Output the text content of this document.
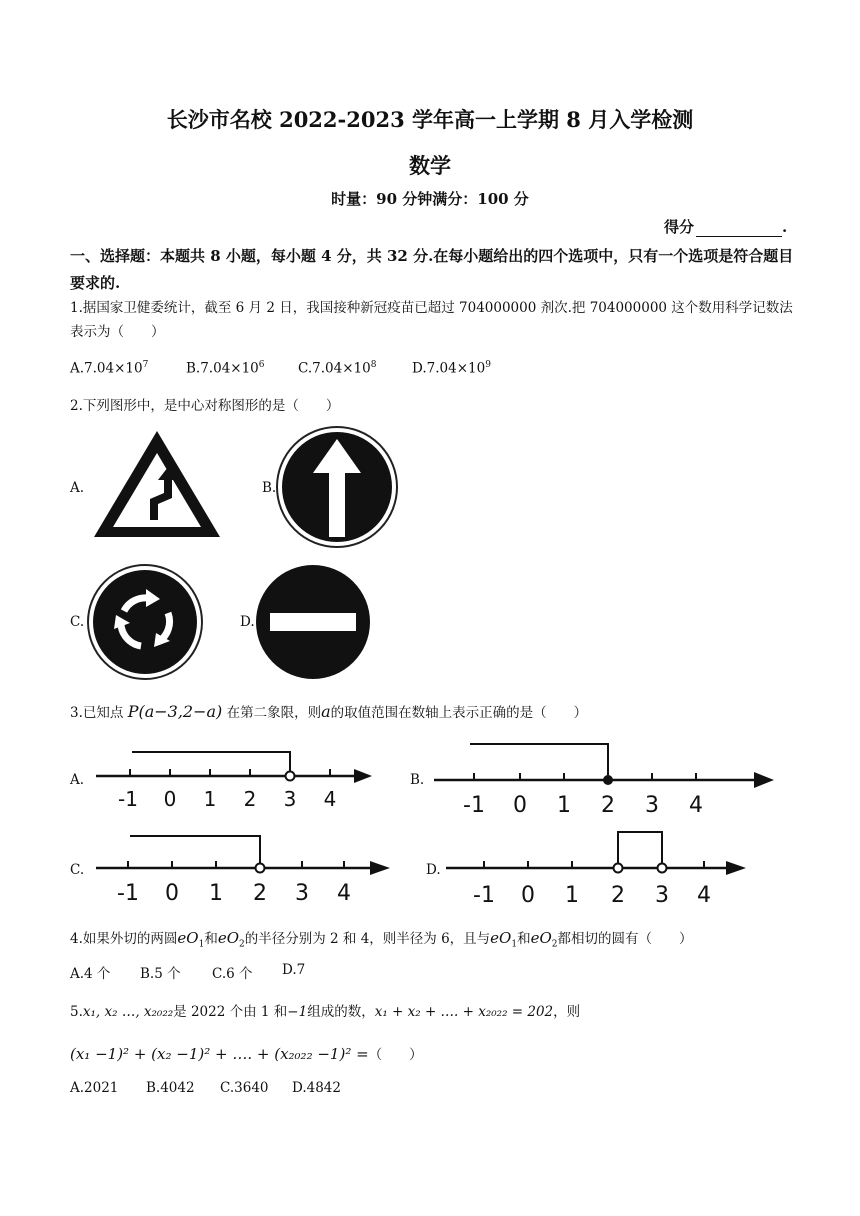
长沙市名校 2022-2023 学年高一上学期 8 月入学检测
数学
时量：90 分钟满分：100 分
得分	.
一、选择题：本题共 8 小题，每小题 4 分，共 32 分.在每小题给出的四个选项中，只有一个选项是符合题目要求的.
1.据国家卫健委统计，截至 6 月 2 日，我国接种新冠疫苗已超过 704000000 剂次.把 704000000 这个数用科学记数法表示为（　　）
$A.7.04\times 10^7$	$B.7.04\times 10^6$ $C.7.04\times 10^8$	$D.7.04\times 10^9$
2.下列图形中，是中心对称图形的是（　　）
A.	B.
C.	D.
3.已知点 P(a−3,2−a) 在第二象限，则a的取值范围在数轴上表示正确的是（　　）
A.
-1 0 1 2 3 4
B.
-1 0 1 2 3 4
C.
-1 0 1 2 3 4
D.
-1 0 1 2 3 4
4.如果外切的两圆$eO_1$和$eO_2$的半径分别为 2 和 4，则半径为 6，且与$eO_1$和$eO_2$都相切的圆有（　　）
A.4 个 B.5 个 C.6 个 D.7
5.x₁, x₂ …, x₂₀₂₂是 2022 个由 1 和−1组成的数，x₁ + x₂ + …. + x₂₀₂₂ = 202，则
(x₁ −1)² + (x₂ −1)² + …. + (x₂₀₂₂ −1)² =（　　）
A.2021 B.4042 C.3640 D.4842
